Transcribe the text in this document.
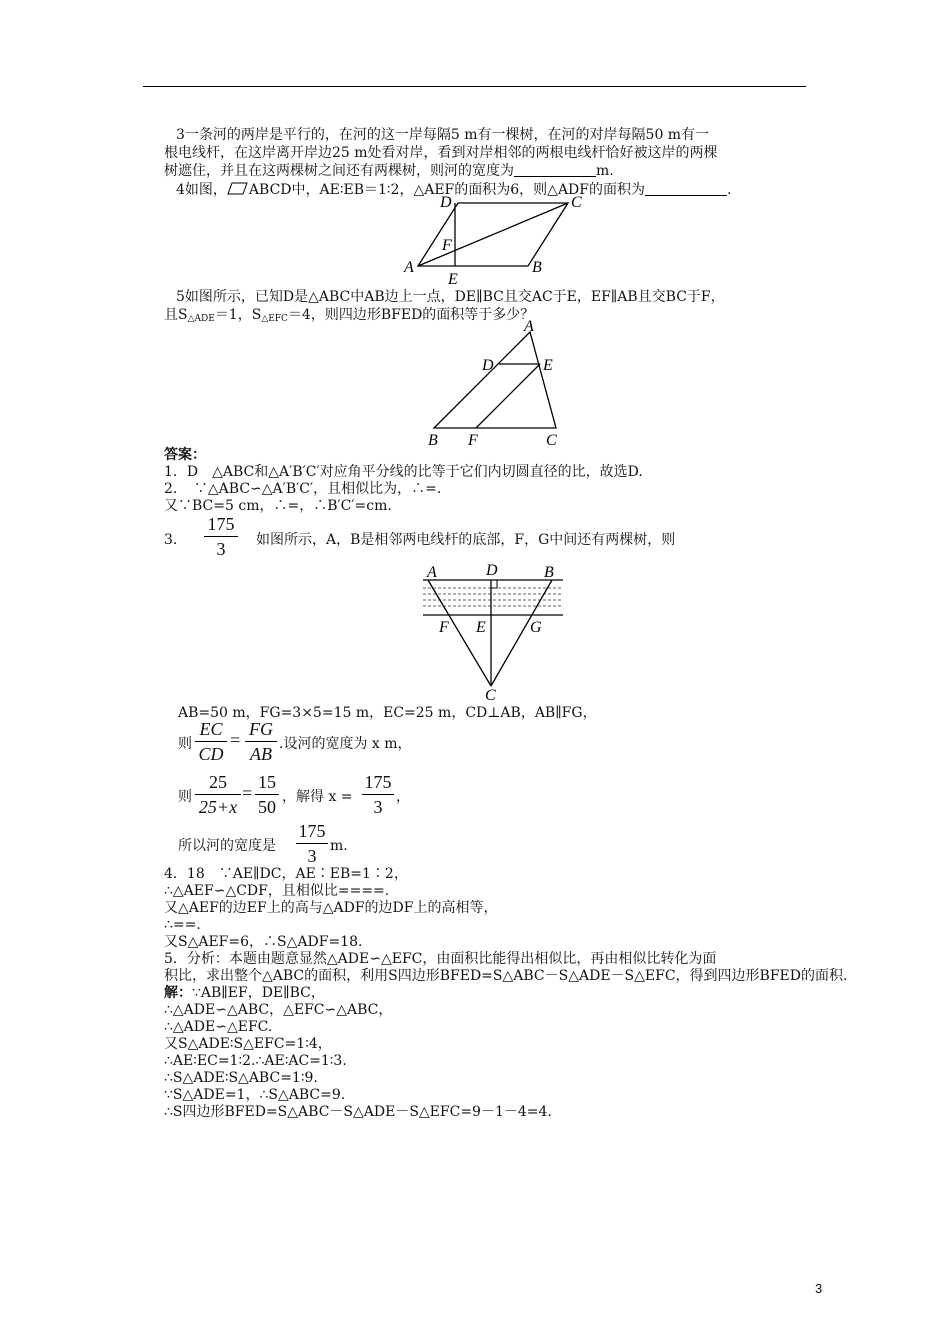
3一条河的两岸是平行的，在河的这一岸每隔5 m有一棵树，在河的对岸每隔50 m有一
根电线杆，在这岸离开岸边25 m处看对岸，看到对岸相邻的两根电线杆恰好被这岸的两棵
树遮住，并且在这两棵树之间还有两棵树，则河的宽度为	m.
4如图， ABCD中，AE∶EB＝1∶2，△AEF的面积为6，则△ADF的面积为	.
D	C
F
A
E
B
5如图所示，已知D是△ABC中AB边上一点，DE∥BC且交AC于E，EF∥AB且交BC于F，
且$S_{\triangle ADE}=1$，$S_{\triangle EFC}=4$，则四边形BFED的面积等于多少？
A
D	E
B F	C
答案：
1．D　△ABC和△A′B′C′对应角平分线的比等于它们内切圆直径的比，故选D.
2．　∵△ABC∽△A′B′C′，且相似比为，∴=.
又∵BC=5 cm，∴=，∴B′C′=cm.
3．
175
3	如图所示，A，B是相邻两电线杆的底部，F，G中间还有两棵树，则
A	D	B
F E	G
C
AB=50 m，FG=3×5=15 m，EC=25 m，CD⊥AB，AB∥FG，
则
EC
CD
=
FG
AB .设河的宽度为 x m，
则
25
25+x
=
15
50 ，解得 x =
175
3 ，
所以河的宽度是
175
3 m.
4．18　∵AE∥DC，AE∶EB=1∶2，
∴△AEF∽△CDF，且相似比====.
又△AEF的边EF上的高与△ADF的边DF上的高相等，
∴==.
又S△AEF=6，∴S△ADF=18.
5．分析：本题由题意显然△ADE∽△EFC，由面积比能得出相似比，再由相似比转化为面
积比，求出整个△ABC的面积，利用S四边形BFED=S△ABC－S△ADE－S△EFC，得到四边形BFED的面积.
解：∵AB∥EF，DE∥BC，
∴△ADE∽△ABC，△EFC∽△ABC，
∴△ADE∽△EFC.
又S△ADE∶S△EFC=1∶4，
∴AE∶EC=1∶2.∴AE∶AC=1∶3.
∴S△ADE∶S△ABC=1∶9.
∵S△ADE=1，∴S△ABC=9.
∴S四边形BFED=S△ABC－S△ADE－S△EFC=9－1－4=4.
3
